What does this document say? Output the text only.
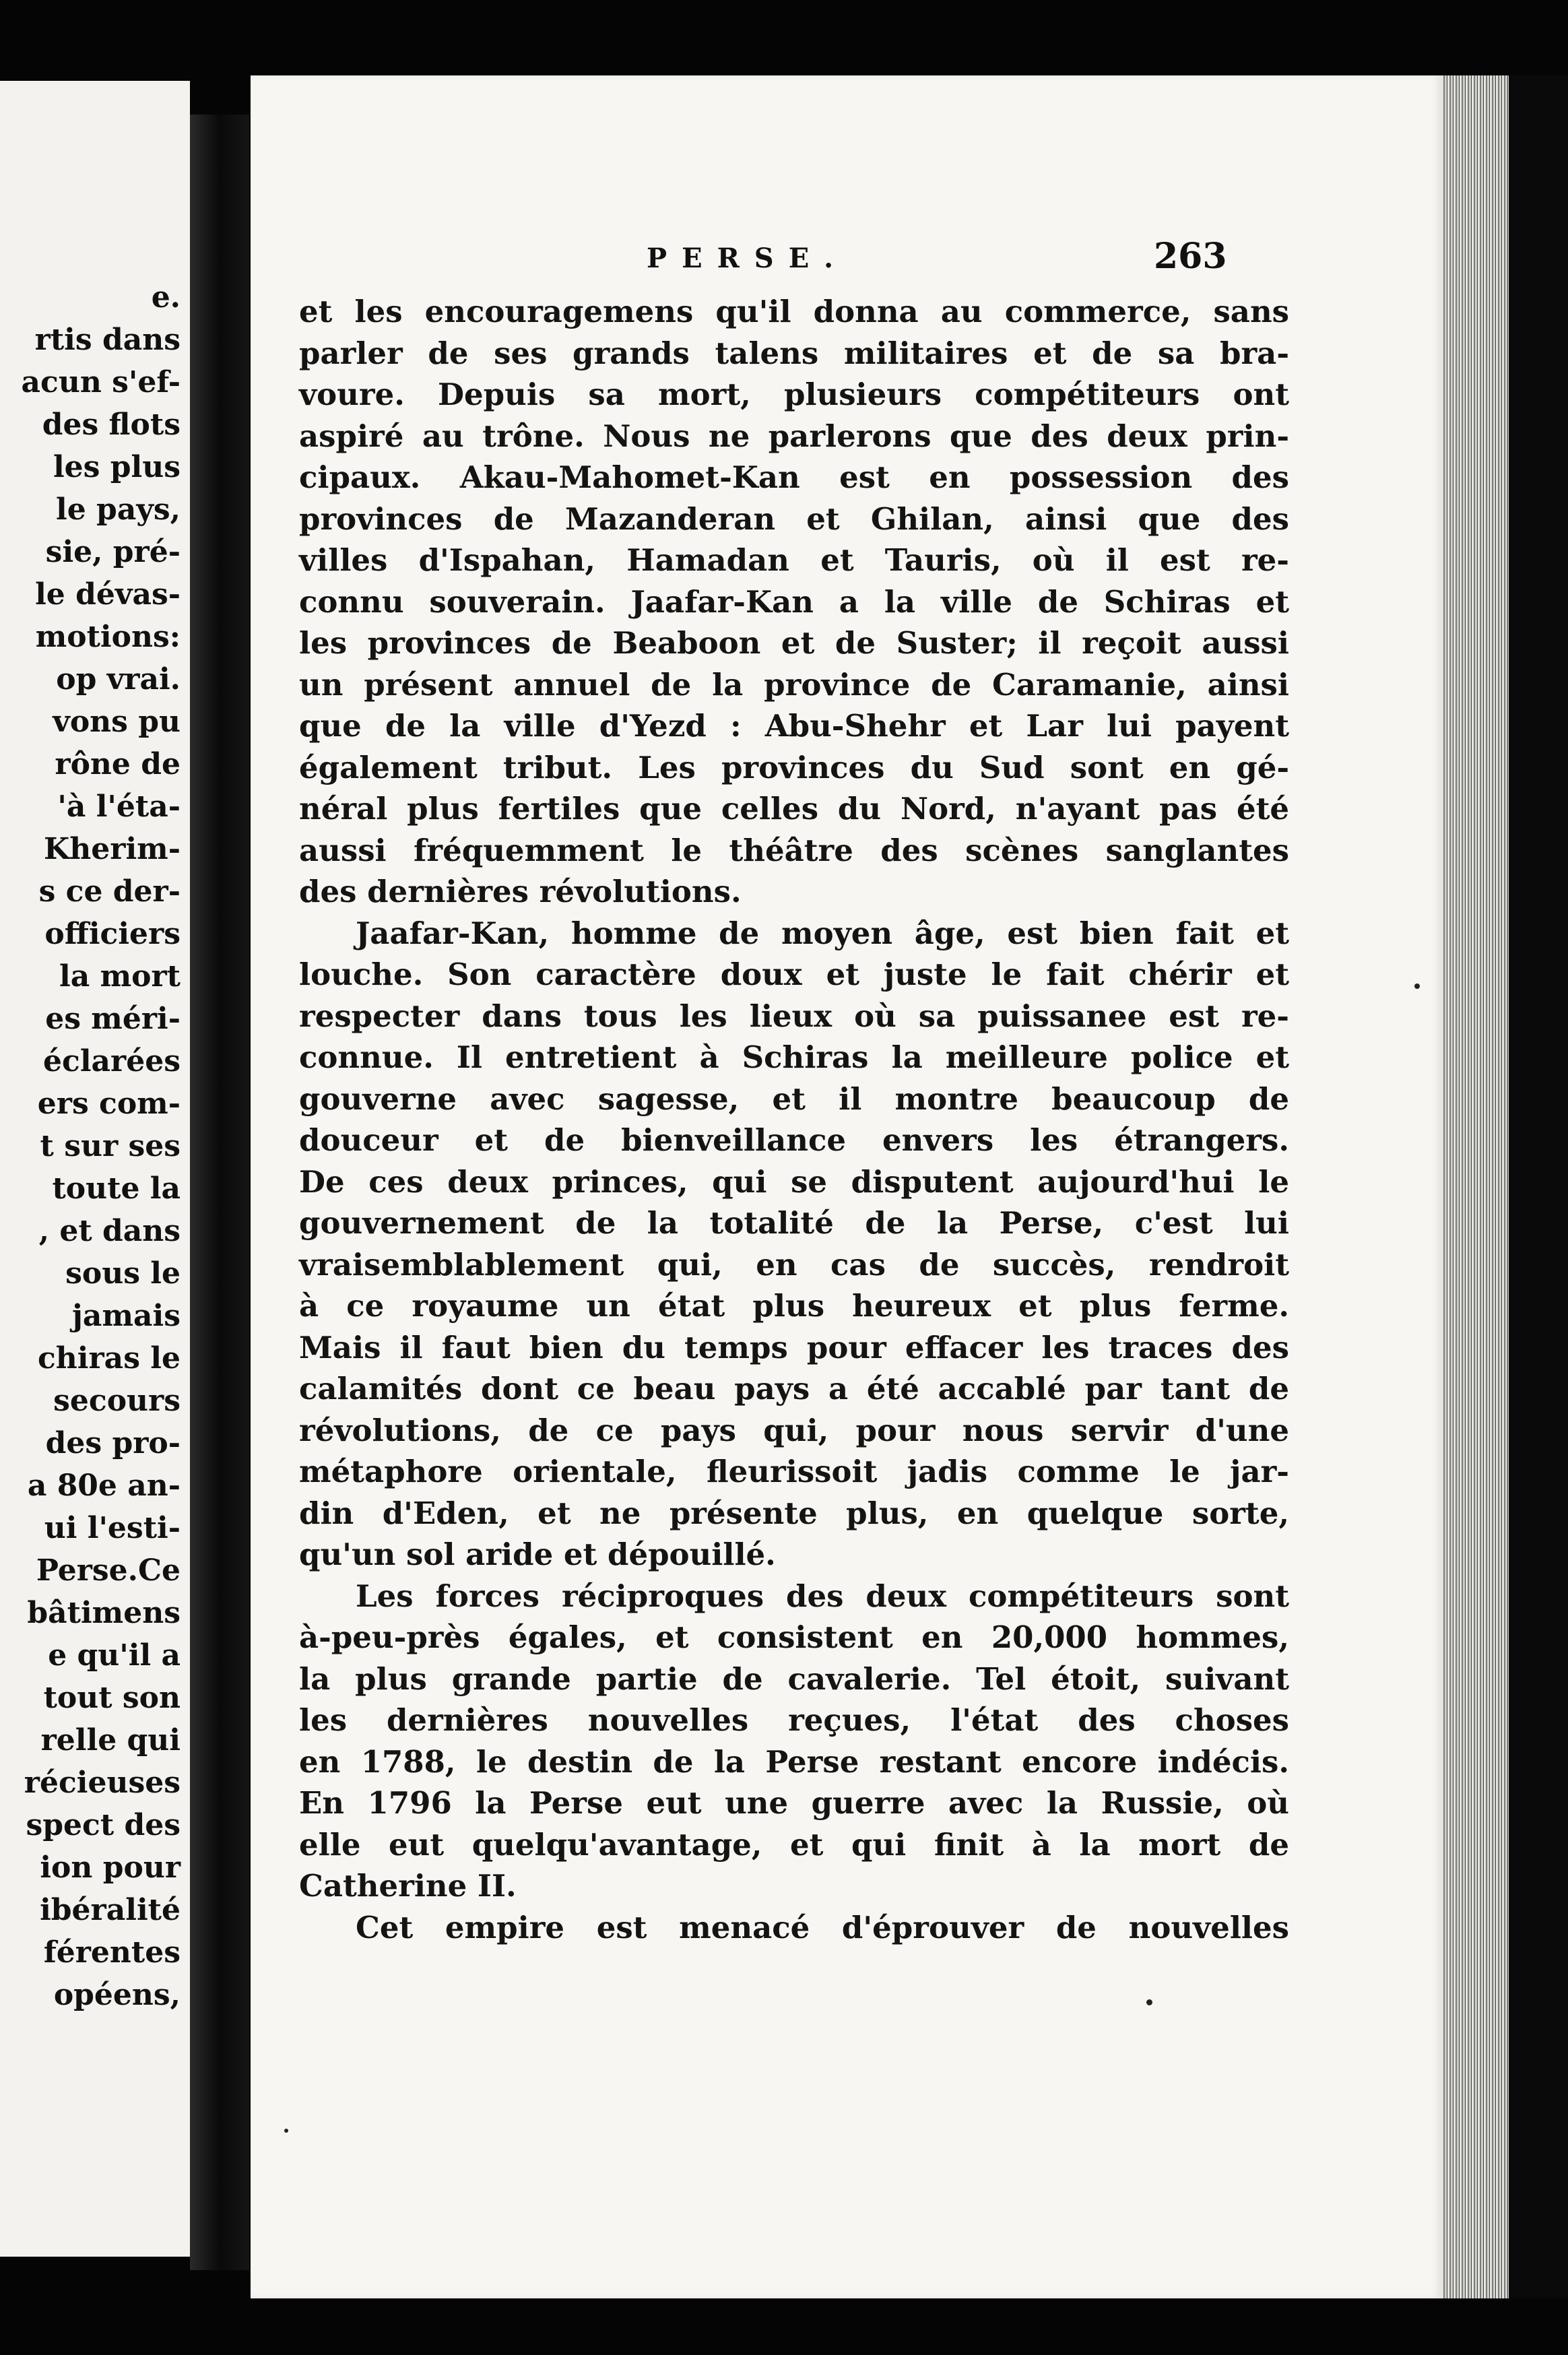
e.

rtis dans

acun s'ef-

des flots

les plus

le pays,

sie, pré-

le dévas-

motions:

op vrai.

vons pu

rône de

'à l'éta-

Kherim-

s ce der-

officiers

la mort

es méri-

éclarées

ers com-

t sur ses

toute la

, et dans

sous le

jamais

chiras le

secours

des pro-

a 80e an-

ui l'esti-

Perse.Ce

bâtimens

e qu'il a

tout son

relle qui

récieuses

spect des

ion pour

ibéralité

férentes

opéens,

PERSE.	263

et les encouragemens qu'il donna au commerce, sans
parler de ses grands talens militaires et de sa bra-
voure. Depuis sa mort, plusieurs compétiteurs ont
aspiré au trône. Nous ne parlerons que des deux prin-
cipaux. Akau-Mahomet-Kan est en possession des
provinces de Mazanderan et Ghilan, ainsi que des
villes d'Ispahan, Hamadan et Tauris, où il est re-
connu souverain. Jaafar-Kan a la ville de Schiras et
les provinces de Beaboon et de Suster; il reçoit aussi
un présent annuel de la province de Caramanie, ainsi
que de la ville d'Yezd : Abu-Shehr et Lar lui payent
également tribut. Les provinces du Sud sont en gé-
néral plus fertiles que celles du Nord, n'ayant pas été
aussi fréquemment le théâtre des scènes sanglantes
des dernières révolutions.
Jaafar-Kan, homme de moyen âge, est bien fait et
louche. Son caractère doux et juste le fait chérir et
respecter dans tous les lieux où sa puissanee est re-
connue. Il entretient à Schiras la meilleure police et
gouverne avec sagesse, et il montre beaucoup de
douceur et de bienveillance envers les étrangers.
De ces deux princes, qui se disputent aujourd'hui le
gouvernement de la totalité de la Perse, c'est lui
vraisemblablement qui, en cas de succès, rendroit
à ce royaume un état plus heureux et plus ferme.
Mais il faut bien du temps pour effacer les traces des
calamités dont ce beau pays a été accablé par tant de
révolutions, de ce pays qui, pour nous servir d'une
métaphore orientale, fleurissoit jadis comme le jar-
din d'Eden, et ne présente plus, en quelque sorte,
qu'un sol aride et dépouillé.
Les forces réciproques des deux compétiteurs sont
à-peu-près égales, et consistent en 20,000 hommes,
la plus grande partie de cavalerie. Tel étoit, suivant
les dernières nouvelles reçues, l'état des choses
en 1788, le destin de la Perse restant encore indécis.
En 1796 la Perse eut une guerre avec la Russie, où
elle eut quelqu'avantage, et qui finit à la mort de
Catherine II.
Cet empire est menacé d'éprouver de nouvelles
